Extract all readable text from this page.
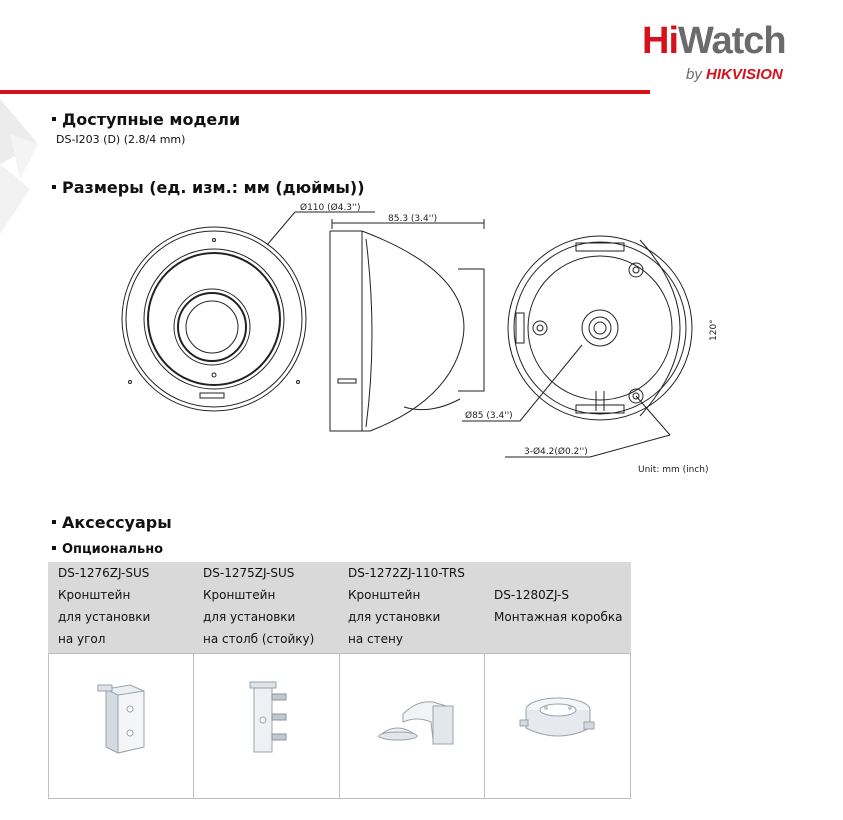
HiWatch
by HIKVISION
Доступные модели
DS-I203 (D) (2.8/4 mm)
Размеры (ед. изм.: мм (дюймы))
Ø110 (Ø4.3'')
85.3 (3.4'')
120°
Ø85 (3.4'')
3-Ø4.2(Ø0.2'')
Unit: mm (inch)
Аксессуары
Опционально
DS-1276ZJ-SUS
Кронштейн
для установки
на угол
DS-1275ZJ-SUS
Кронштейн
для установки
на столб (стойку)
DS-1272ZJ-110-TRS
Кронштейн
для установки
на стену
DS-1280ZJ-S
Монтажная коробка
